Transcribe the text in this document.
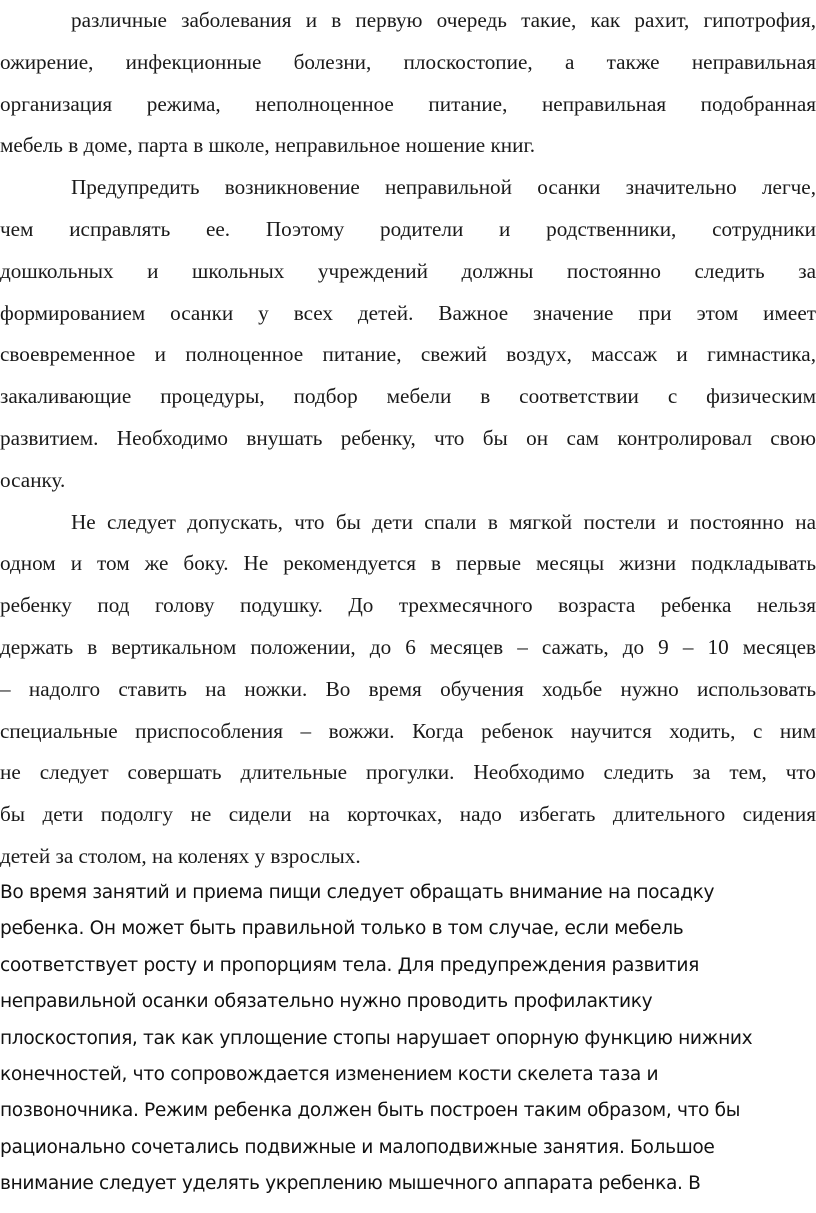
различные заболевания и в первую очередь такие, как рахит, гипотрофия,
ожирение, инфекционные болезни, плоскостопие, а также неправильная
организация режима, неполноценное питание, неправильная подобранная
мебель в доме, парта в школе, неправильное ношение книг.
Предупредить возникновение неправильной осанки значительно легче,
чем исправлять ее. Поэтому родители и родственники, сотрудники
дошкольных и школьных учреждений должны постоянно следить за
формированием осанки у всех детей. Важное значение при этом имеет
своевременное и полноценное питание, свежий воздух, массаж и гимнастика,
закаливающие процедуры, подбор мебели в соответствии с физическим
развитием. Необходимо внушать ребенку, что бы он сам контролировал свою
осанку.
Не следует допускать, что бы дети спали в мягкой постели и постоянно на
одном и том же боку. Не рекомендуется в первые месяцы жизни подкладывать
ребенку под голову подушку. До трехмесячного возраста ребенка нельзя
держать в вертикальном положении, до 6 месяцев – сажать, до 9 – 10 месяцев
– надолго ставить на ножки. Во время обучения ходьбе нужно использовать
специальные приспособления – вожжи. Когда ребенок научится ходить, с ним
не следует совершать длительные прогулки. Необходимо следить за тем, что
бы дети подолгу не сидели на корточках, надо избегать длительного сидения
детей за столом, на коленях у взрослых.
Во время занятий и приема пищи следует обращать внимание на посадку
ребенка. Он может быть правильной только в том случае, если мебель
соответствует росту и пропорциям тела. Для предупреждения развития
неправильной осанки обязательно нужно проводить профилактику
плоскостопия, так как уплощение стопы нарушает опорную функцию нижних
конечностей, что сопровождается изменением кости скелета таза и
позвоночника. Режим ребенка должен быть построен таким образом, что бы
рационально сочетались подвижные и малоподвижные занятия. Большое
внимание следует уделять укреплению мышечного аппарата ребенка. В
